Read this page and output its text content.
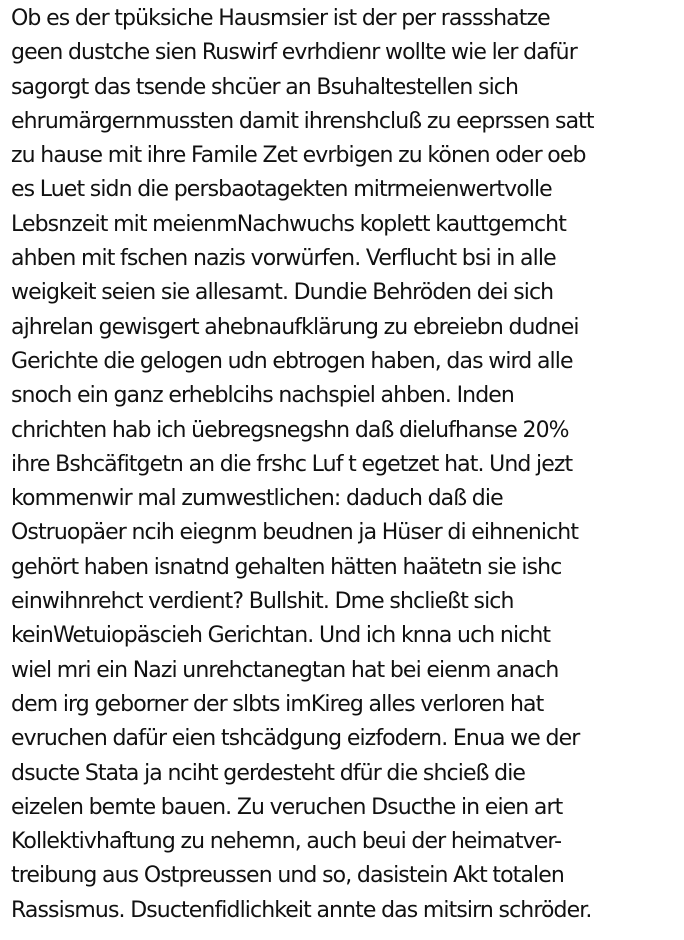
Ob es der tpüksiche Hausmsier ist der per rassshatze
geen dustche sien Ruswirf evrhdienr wollte wie ler dafür
sagorgt das tsende shcüer an Bsuhaltestellen sich
ehrumärgernmussten damit ihrenshcluß zu eeprssen satt
zu hause mit ihre Famile Zet evrbigen zu könen oder oeb
es Luet sidn die persbaotagekten mitrmeienwertvolle
Lebsnzeit mit meienmNachwuchs koplett kauttgemcht
ahben mit fschen nazis vorwürfen. Verflucht bsi in alle
weigkeit seien sie allesamt. Dundie Behröden dei sich
ajhrelan gewisgert ahebnaufklärung zu ebreiebn dudnei
Gerichte die gelogen udn ebtrogen haben, das wird alle
snoch ein ganz erheblcihs nachspiel ahben. Inden
chrichten hab ich üebregsnegshn daß dielufhanse 20%
ihre Bshcäfitgetn an die frshc Luf t egetzet hat. Und jezt
kommenwir mal zumwestlichen: daduch daß die
Ostruopäer ncih eiegnm beudnen ja Hüser di eihnenicht
gehört haben isnatnd gehalten hätten haätetn sie ishc
einwihnrehct verdient? Bullshit. Dme shcließt sich
keinWetuiopäscieh Gerichtan. Und ich knna uch nicht
wiel mri ein Nazi unrehctanegtan hat bei eienm anach
dem irg geborner der slbts imKireg alles verloren hat
evruchen dafür eien tshcädgung eizfodern. Enua we der
dsucte Stata ja nciht gerdesteht dfür die shcieß die
eizelen bemte bauen. Zu veruchen Dsucthe in eien art
Kollektivhaftung zu nehemn, auch beui der heimatver-
treibung aus Ostpreussen und so, dasistein Akt totalen
Rassismus. Dsuctenfidlichkeit annte das mitsirn schröder.
